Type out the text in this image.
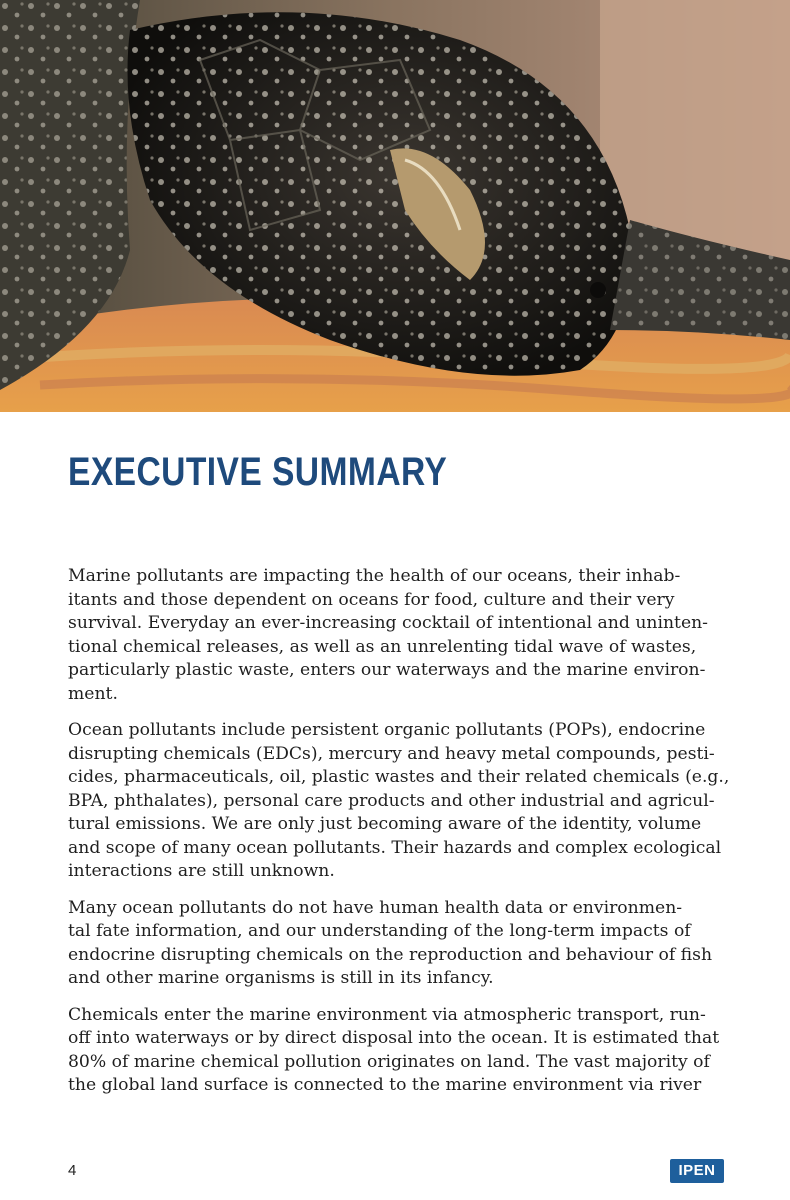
EXECUTIVE SUMMARY

Marine pollutants are impacting the health of our oceans, their inhab-
itants and those dependent on oceans for food, culture and their very
survival. Everyday an ever-increasing cocktail of intentional and uninten-
tional chemical releases, as well as an unrelenting tidal wave of wastes,
particularly plastic waste, enters our waterways and the marine environ-
ment.

Ocean pollutants include persistent organic pollutants (POPs), endocrine
disrupting chemicals (EDCs), mercury and heavy metal compounds, pesti-
cides, pharmaceuticals, oil, plastic wastes and their related chemicals (e.g.,
BPA, phthalates), personal care products and other industrial and agricul-
tural emissions. We are only just becoming aware of the identity, volume
and scope of many ocean pollutants. Their hazards and complex ecological
interactions are still unknown.

Many ocean pollutants do not have human health data or environmen-
tal fate information, and our understanding of the long-term impacts of
endocrine disrupting chemicals on the reproduction and behaviour of fish
and other marine organisms is still in its infancy.

Chemicals enter the marine environment via atmospheric transport, run-
off into waterways or by direct disposal into the ocean. It is estimated that
80% of marine chemical pollution originates on land. The vast majority of
the global land surface is connected to the marine environment via river

4	IPEN
